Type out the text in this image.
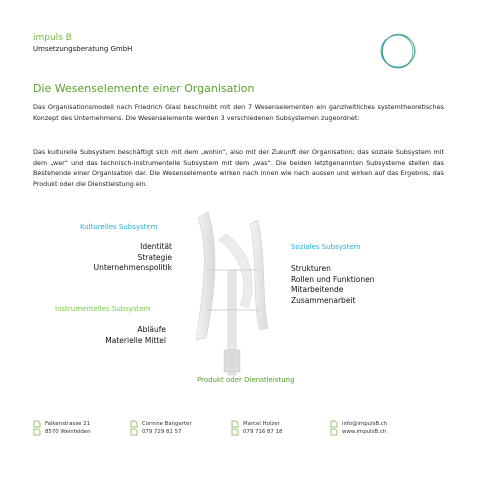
impuls B
Umsetzungsberatung GmbH
Die Wesenselemente einer Organisation
Das Organisationsmodell nach Friedrich Glasl beschreibt mit den 7 Wesenselementen ein ganzheitliches systemtheoretisches Konzept des Unternehmens. Die Wesenselemente werden 3 verschiedenen Subsystemen zugeordnet:
Das kulturelle Subsystem beschäftigt sich mit dem „wohin“, also mit der Zukunft der Organisation; das soziale Subsystem mit dem „wer“ und das technisch-instrumentelle Subsystem mit dem „was“. Die beiden letztgenannten Subsysteme stellen das Bestehende einer Organisation dar. Die Wesenselemente wirken nach innen wie nach aussen und wirken auf das Ergebnis, das Produkt oder die Dienstleistung ein.
Kulturelles Subsystem
Identität
Strategie
Unternehmenspolitik
Soziales Subsystem
Strukturen
Rollen und Funktionen
Mitarbeitende
Zusammenarbeit
Instrumentelles Subsystem
Abläufe
Materielle Mittel
Produkt oder Dienstleistung
Falkenstrasse 21
8570 Weinfelden
Corinne Bangerter
079 729 81 57
Marcel Holzer
079 716 87 18
info@impulsB.ch
www.impulsB.ch
